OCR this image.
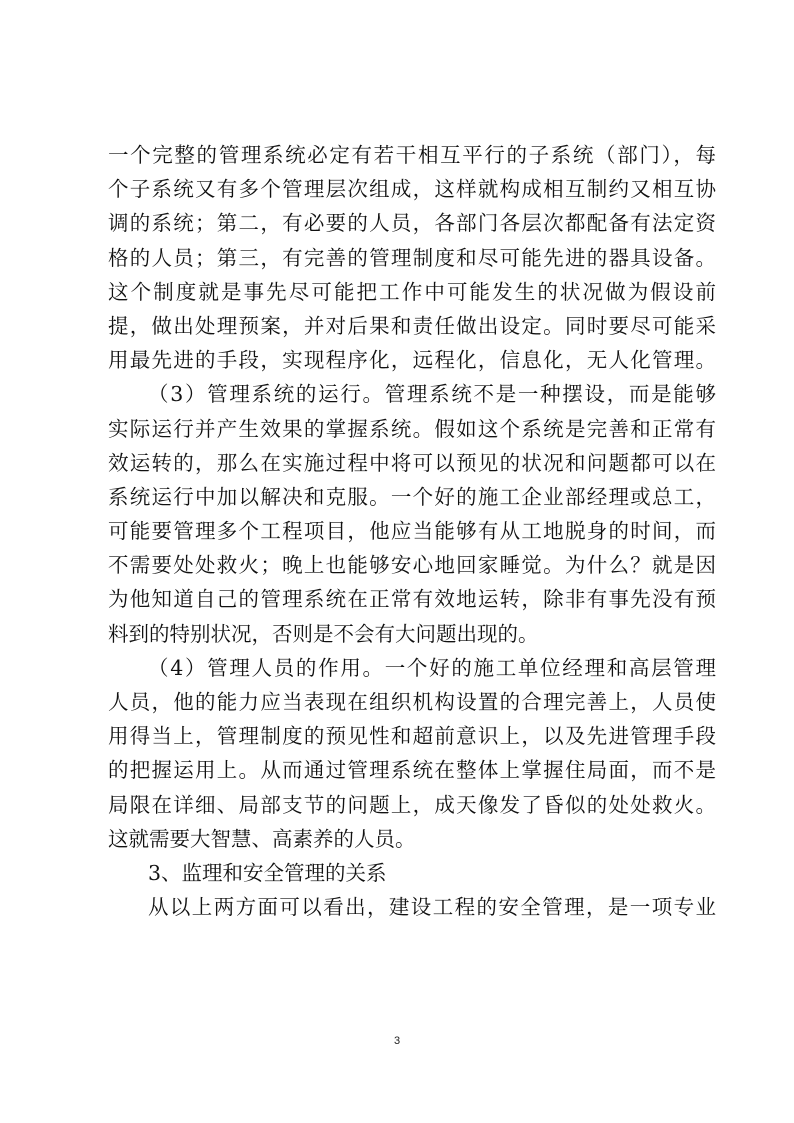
一个完整的管理系统必定有若干相互平行的子系统（部门），每
个子系统又有多个管理层次组成，这样就构成相互制约又相互协
调的系统；第二，有必要的人员，各部门各层次都配备有法定资
格的人员；第三，有完善的管理制度和尽可能先进的器具设备。
这个制度就是事先尽可能把工作中可能发生的状况做为假设前
提，做出处理预案，并对后果和责任做出设定。同时要尽可能采
用最先进的手段，实现程序化，远程化，信息化，无人化管理。
（3）管理系统的运行。管理系统不是一种摆设，而是能够
实际运行并产生效果的掌握系统。假如这个系统是完善和正常有
效运转的，那么在实施过程中将可以预见的状况和问题都可以在
系统运行中加以解决和克服。一个好的施工企业部经理或总工，
可能要管理多个工程项目，他应当能够有从工地脱身的时间，而
不需要处处救火；晚上也能够安心地回家睡觉。为什么？就是因
为他知道自己的管理系统在正常有效地运转，除非有事先没有预
料到的特别状况，否则是不会有大问题出现的。
（4）管理人员的作用。一个好的施工单位经理和高层管理
人员，他的能力应当表现在组织机构设置的合理完善上，人员使
用得当上，管理制度的预见性和超前意识上，以及先进管理手段
的把握运用上。从而通过管理系统在整体上掌握住局面，而不是
局限在详细、局部支节的问题上，成天像发了昏似的处处救火。
这就需要大智慧、高素养的人员。
3、监理和安全管理的关系
从以上两方面可以看出，建设工程的安全管理，是一项专业
3
